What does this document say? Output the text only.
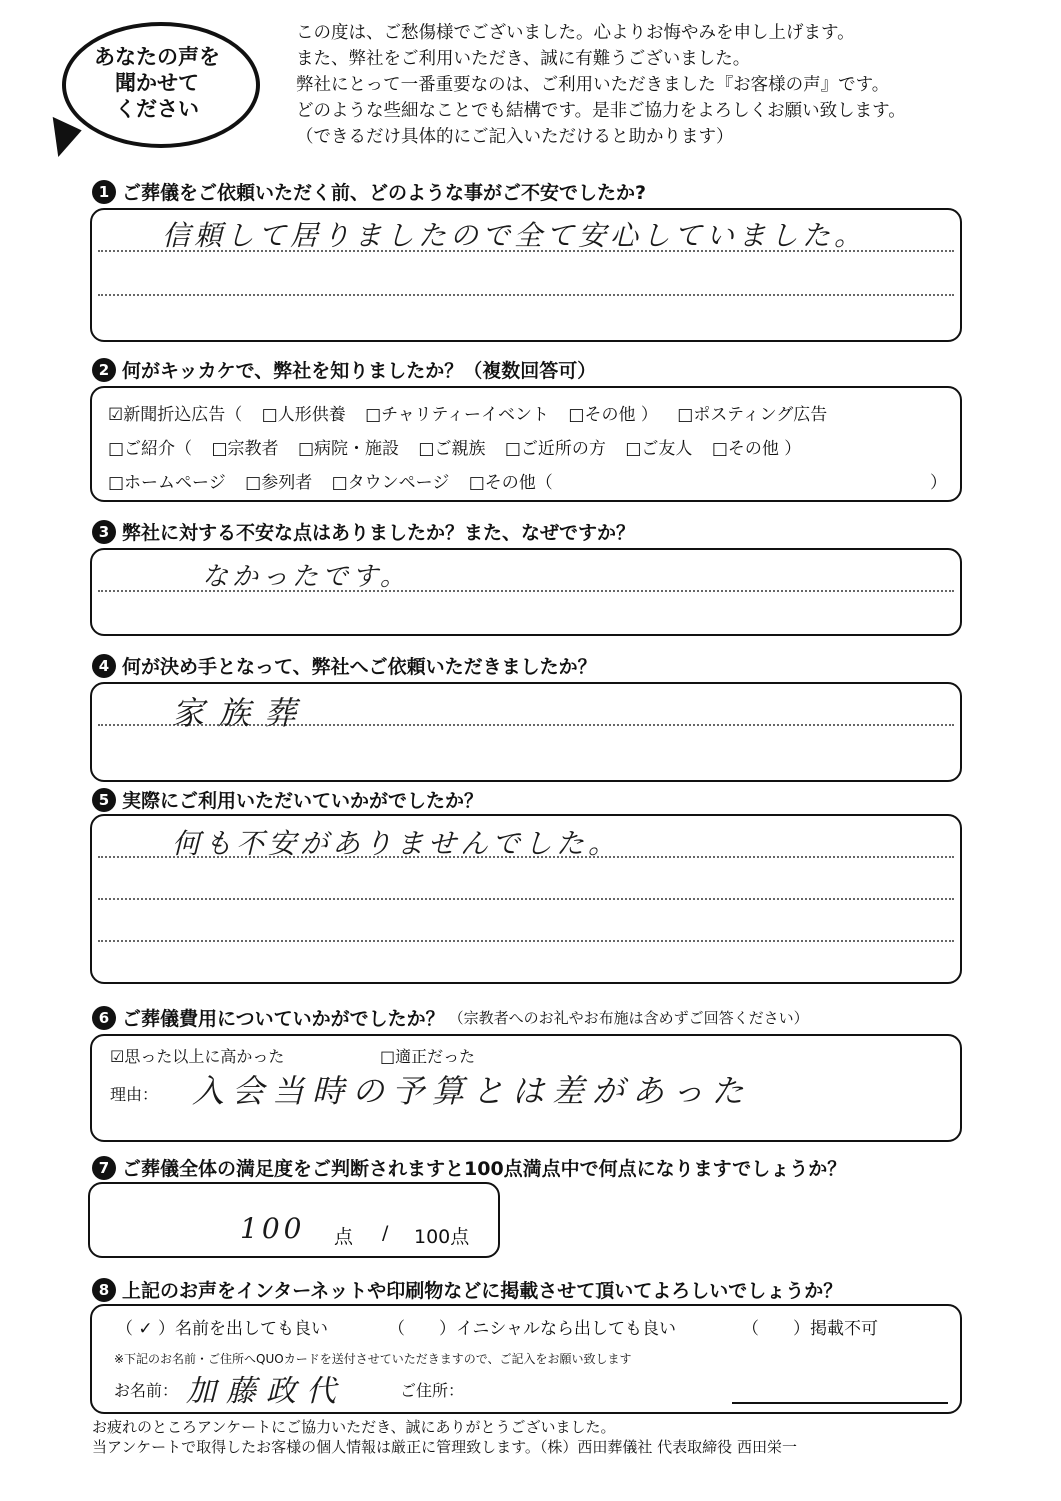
あなたの声を
聞かせて
ください
この度は、ご愁傷様でございました。心よりお悔やみを申し上げます。
また、弊社をご利用いただき、誠に有難うございました。
弊社にとって一番重要なのは、ご利用いただきました『お客様の声』です。
どのような些細なことでも結構です。是非ご協力をよろしくお願い致します。
（できるだけ具体的にご記入いただけると助かります）
1 ご葬儀をご依頼いただく前、どのような事がご不安でしたか?
信頼して居りましたので全て安心していました。
2 何がキッカケで、弊社を知りましたか？（複数回答可）
☑新聞折込広告（ □人形供養 □チャリティーイベント □その他 ） □ポスティング広告
□ご紹介（ □宗教者 □病院・施設 □ご親族 □ご近所の方 □ご友人 □その他 ）
□ホームページ □参列者 □タウンページ □その他（	）
3 弊社に対する不安な点はありましたか？また、なぜですか？
なかったです。
4 何が決め手となって、弊社へご依頼いただきましたか？
家族葬
5 実際にご利用いただいていかがでしたか？
何も不安がありませんでした。
6 ご葬儀費用についていかがでしたか？ （宗教者へのお礼やお布施は含めずご回答ください）
☑思った以上に高かった	□適正だった
理由： 入会当時の予算とは差があった
7 ご葬儀全体の満足度をご判断されますと100点満点中で何点になりますでしょうか？
100 点 / 100点
8 上記のお声をインターネットや印刷物などに掲載させて頂いてよろしいでしょうか？
（ ✓ ）名前を出しても良い	（　　）イニシャルなら出しても良い	（　　）掲載不可
※下記のお名前・ご住所へQUOカードを送付させていただきますので、ご記入をお願い致します
お名前： 加藤政代	ご住所：
お疲れのところアンケートにご協力いただき、誠にありがとうございました。
当アンケートで取得したお客様の個人情報は厳正に管理致します。（株）西田葬儀社 代表取締役 西田栄一
